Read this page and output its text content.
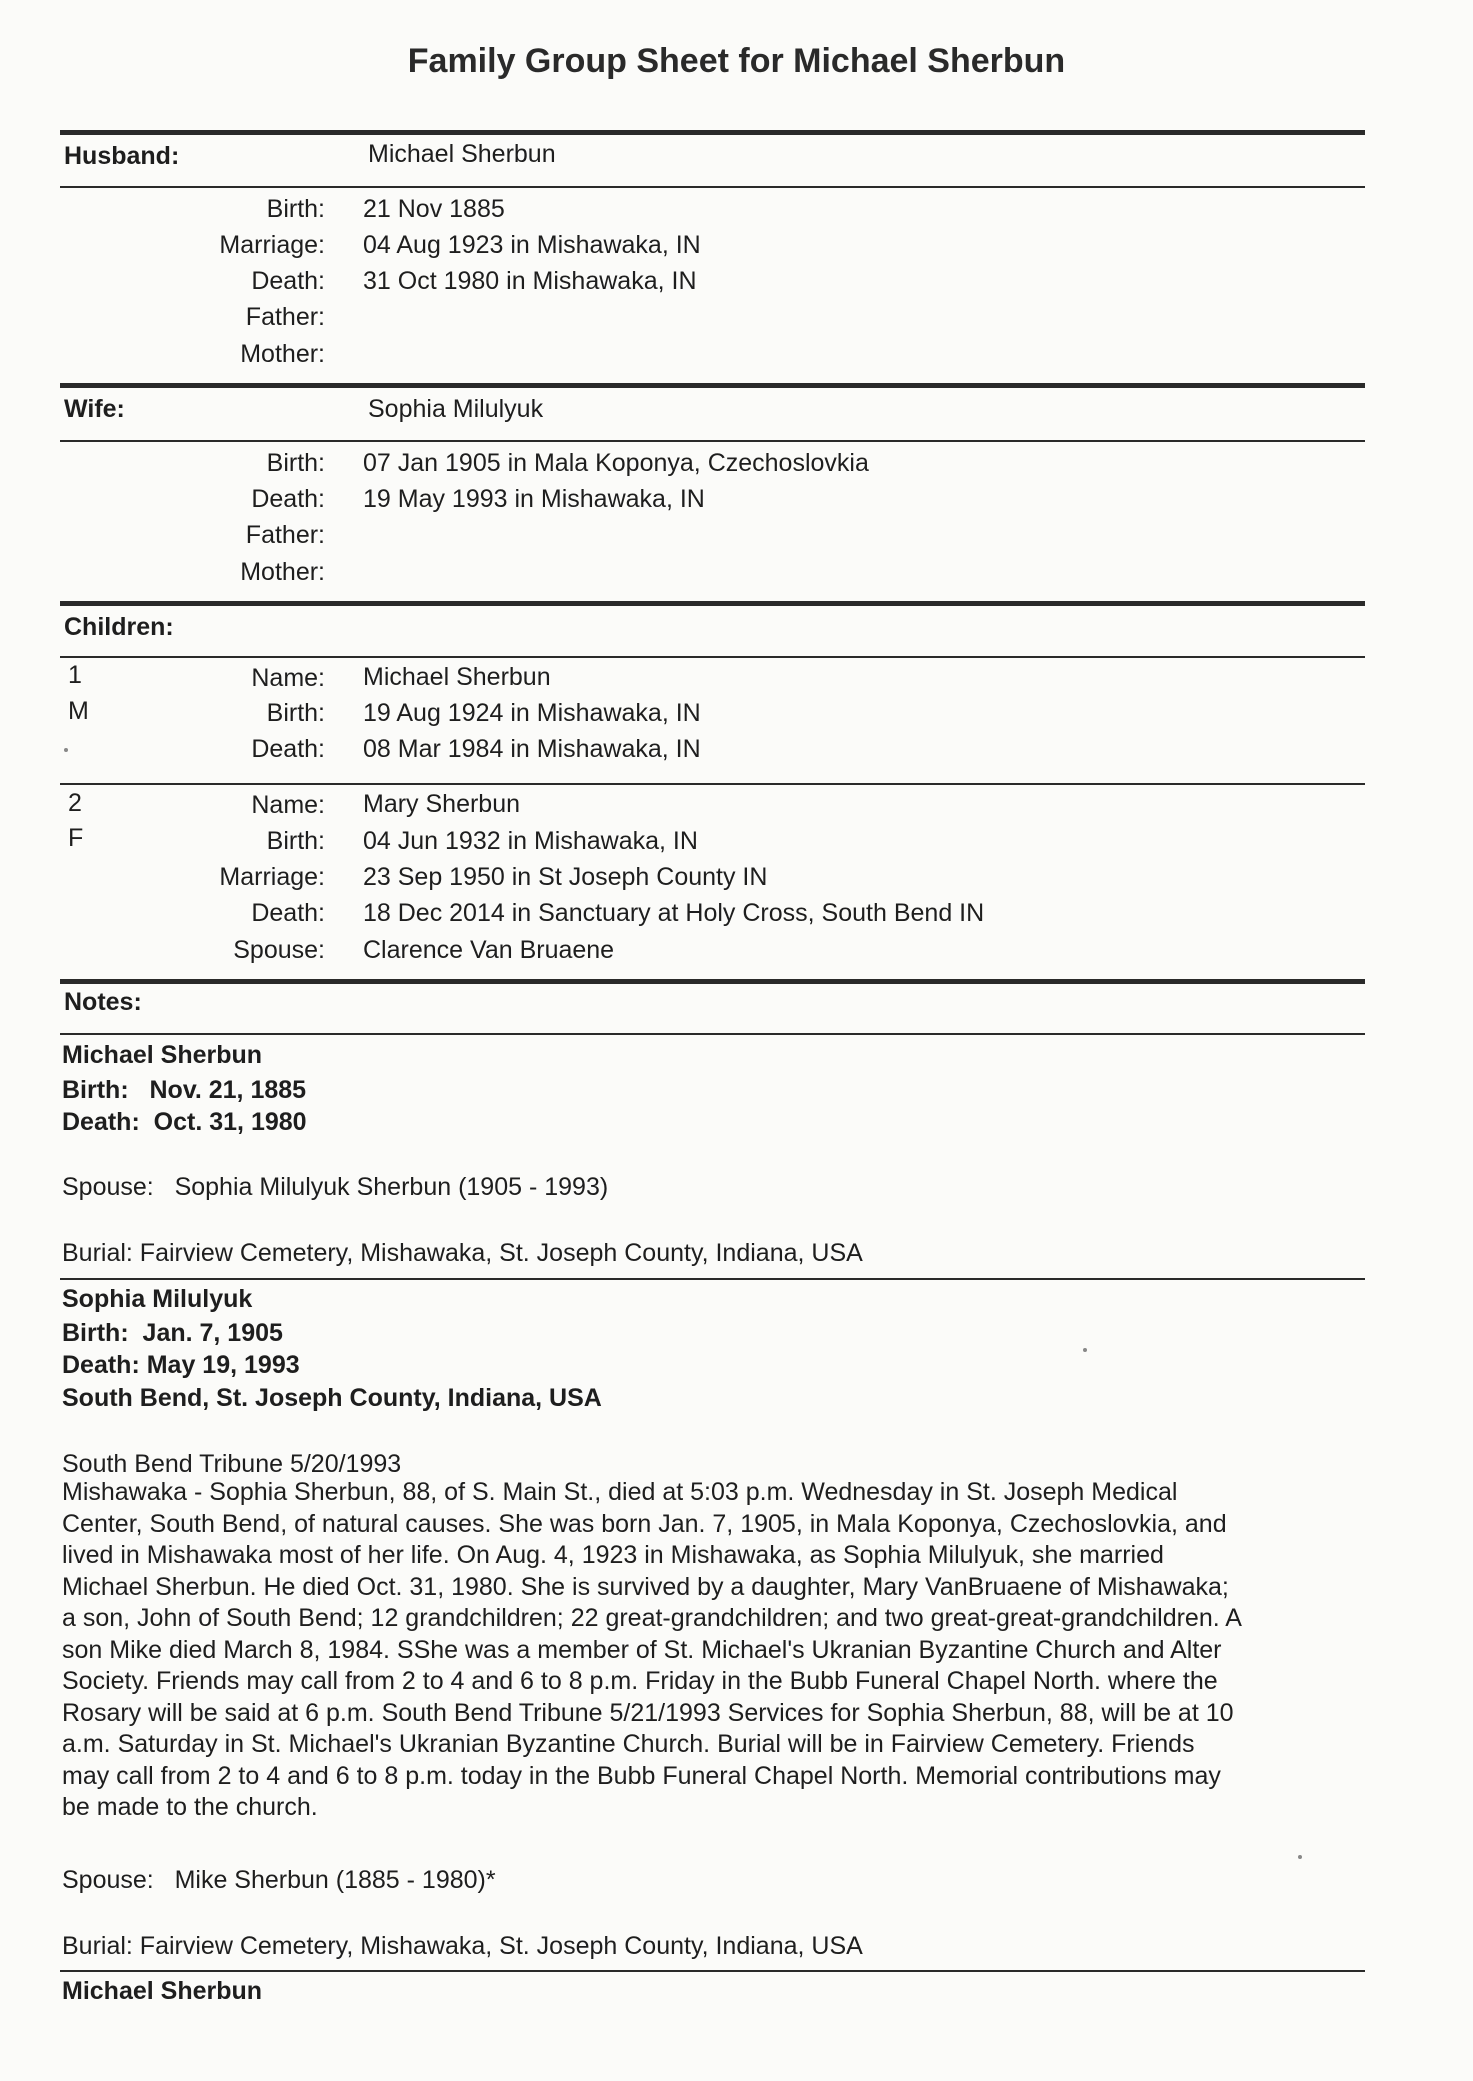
Family Group Sheet for Michael Sherbun
Husband:	Michael Sherbun
Birth: 21 Nov 1885
Marriage: 04 Aug 1923 in Mishawaka, IN
Death: 31 Oct 1980 in Mishawaka, IN
Father:
Mother:
Wife:	Sophia Milulyuk
Birth: 07 Jan 1905 in Mala Koponya, Czechoslovkia
Death: 19 May 1993 in Mishawaka, IN
Father:
Mother:
Children:
1
M
Name: Michael Sherbun
Birth: 19 Aug 1924 in Mishawaka, IN
Death: 08 Mar 1984 in Mishawaka, IN
2
F
Name: Mary Sherbun
Birth: 04 Jun 1932 in Mishawaka, IN
Marriage: 23 Sep 1950 in St Joseph County IN
Death: 18 Dec 2014 in Sanctuary at Holy Cross, South Bend IN
Spouse: Clarence Van Bruaene
Notes:
Michael Sherbun
Birth:   Nov. 21, 1885
Death:  Oct. 31, 1980
Spouse:   Sophia Milulyuk Sherbun (1905 - 1993)
Burial: Fairview Cemetery, Mishawaka, St. Joseph County, Indiana, USA
Sophia Milulyuk
Birth:  Jan. 7, 1905
Death: May 19, 1993
South Bend, St. Joseph County, Indiana, USA
South Bend Tribune 5/20/1993
Mishawaka - Sophia Sherbun, 88, of S. Main St., died at 5:03 p.m. Wednesday in St. Joseph Medical
Center, South Bend, of natural causes. She was born Jan. 7, 1905, in Mala Koponya, Czechoslovkia, and
lived in Mishawaka most of her life. On Aug. 4, 1923 in Mishawaka, as Sophia Milulyuk, she married
Michael Sherbun. He died Oct. 31, 1980. She is survived by a daughter, Mary VanBruaene of Mishawaka;
a son, John of South Bend; 12 grandchildren; 22 great-grandchildren; and two great-great-grandchildren. A
son Mike died March 8, 1984. SShe was a member of St. Michael's Ukranian Byzantine Church and Alter
Society. Friends may call from 2 to 4 and 6 to 8 p.m. Friday in the Bubb Funeral Chapel North. where the
Rosary will be said at 6 p.m. South Bend Tribune 5/21/1993 Services for Sophia Sherbun, 88, will be at 10
a.m. Saturday in St. Michael's Ukranian Byzantine Church. Burial will be in Fairview Cemetery. Friends
may call from 2 to 4 and 6 to 8 p.m. today in the Bubb Funeral Chapel North. Memorial contributions may
be made to the church.
Spouse:   Mike Sherbun (1885 - 1980)*
Burial: Fairview Cemetery, Mishawaka, St. Joseph County, Indiana, USA
Michael Sherbun
